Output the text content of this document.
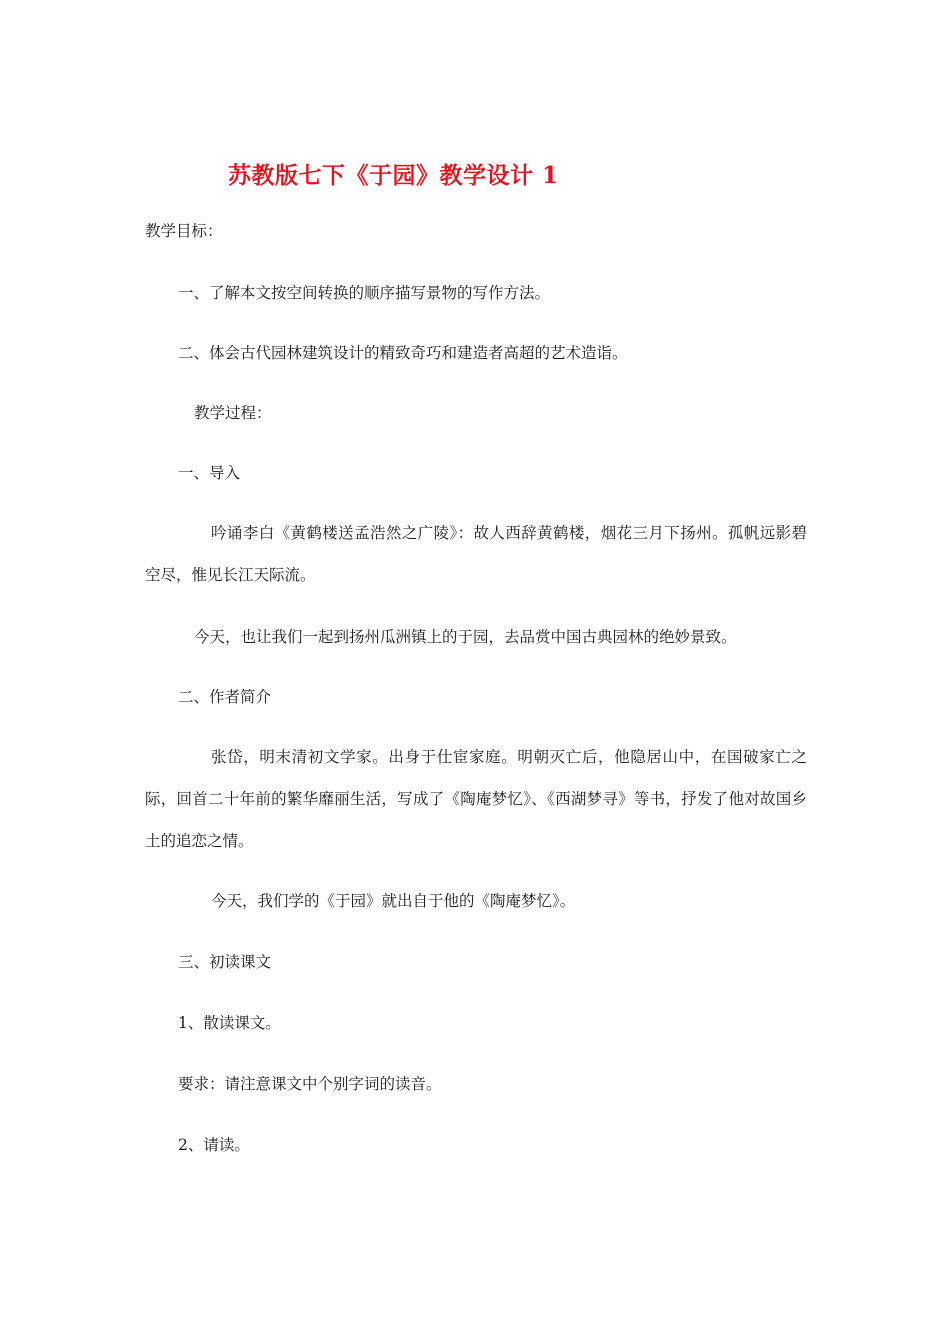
苏教版七下《于园》教学设计 1
教学目标：
一、了解本文按空间转换的顺序描写景物的写作方法。
二、体会古代园林建筑设计的精致奇巧和建造者高超的艺术造诣。
教学过程：
一、导入
吟诵李白《黄鹤楼送孟浩然之广陵》：故人西辞黄鹤楼，烟花三月下扬州。孤帆远影碧空尽，惟见长江天际流。
今天，也让我们一起到扬州瓜洲镇上的于园，去品赏中国古典园林的绝妙景致。
二、作者简介
张岱，明末清初文学家。出身于仕宦家庭。明朝灭亡后，他隐居山中，在国破家亡之际，回首二十年前的繁华靡丽生活，写成了《陶庵梦忆》、《西湖梦寻》等书，抒发了他对故国乡土的追恋之情。
今天，我们学的《于园》就出自于他的《陶庵梦忆》。
三、初读课文
1、散读课文。
要求：请注意课文中个别字词的读音。
2、请读。
